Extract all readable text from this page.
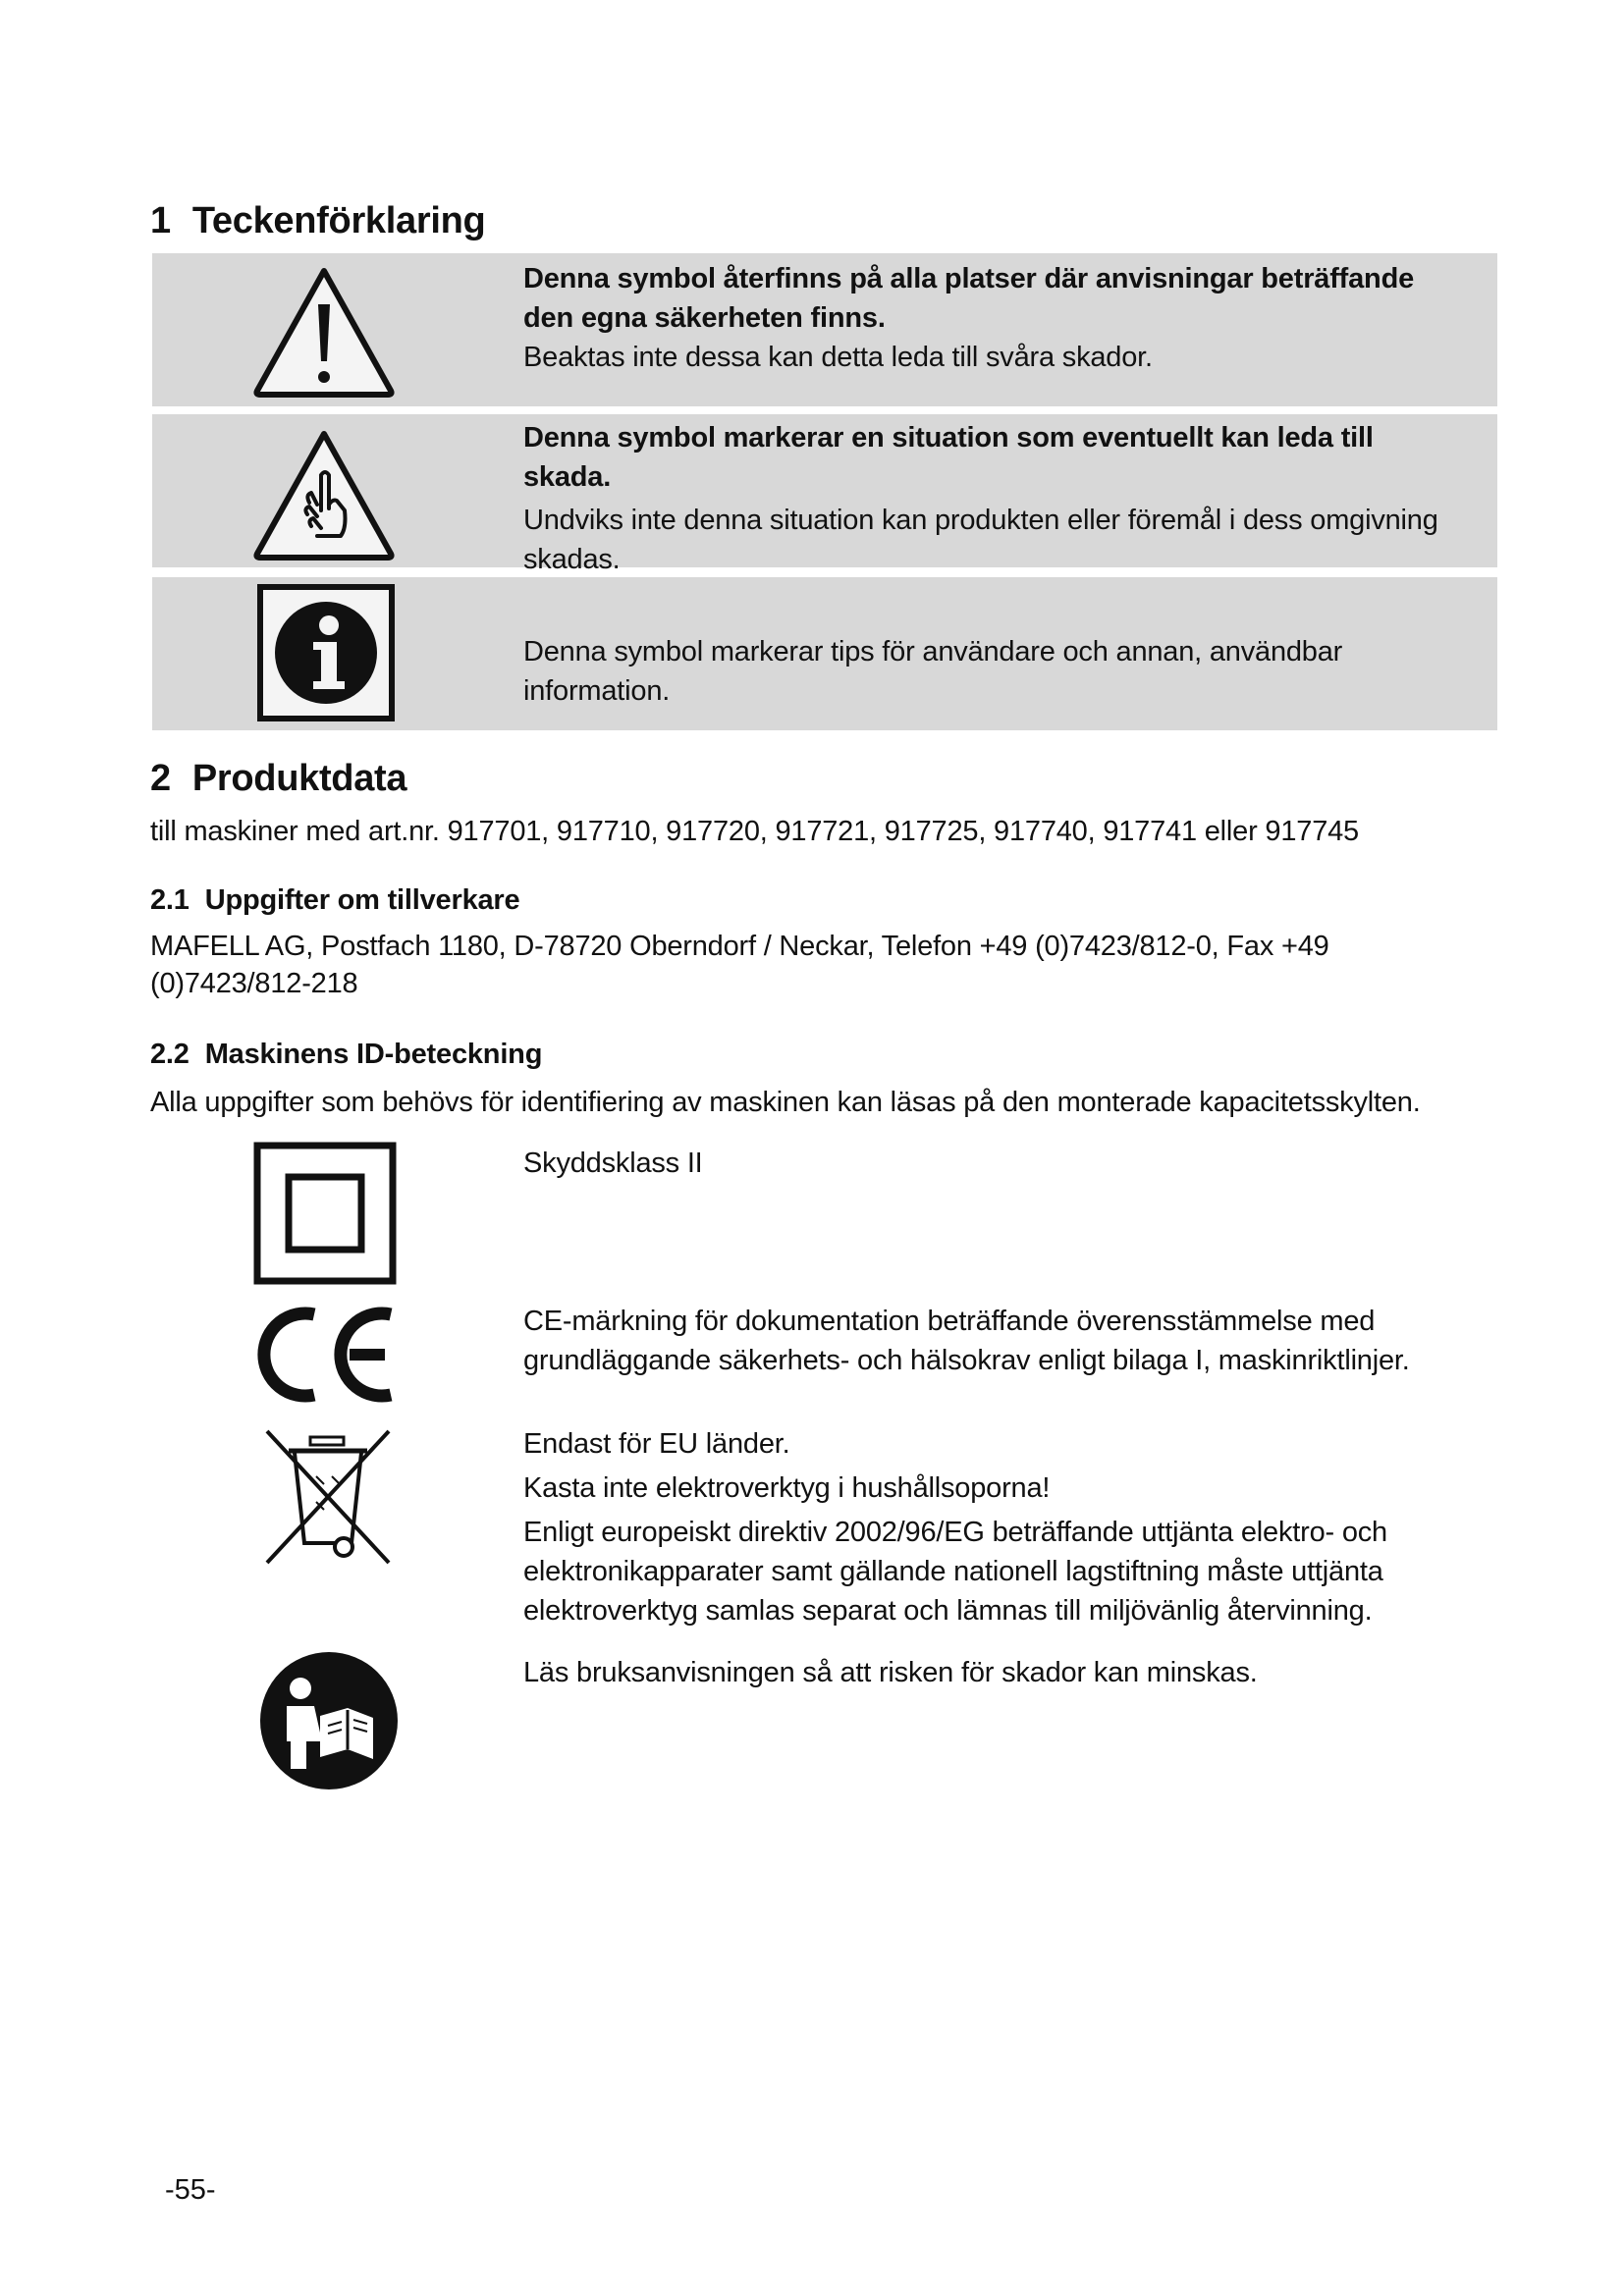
1 Teckenförklaring
Denna symbol återfinns på alla platser där anvisningar beträffande den egna säkerheten finns.
Beaktas inte dessa kan detta leda till svåra skador.
Denna symbol markerar en situation som eventuellt kan leda till skada.
Undviks inte denna situation kan produkten eller föremål i dess omgivning skadas.
Denna symbol markerar tips för användare och annan, användbar information.
2 Produktdata
till maskiner med art.nr. 917701, 917710, 917720, 917721, 917725, 917740, 917741 eller 917745
2.1 Uppgifter om tillverkare
MAFELL AG, Postfach 1180, D-78720 Oberndorf / Neckar, Telefon +49 (0)7423/812-0, Fax +49 (0)7423/812-218
2.2 Maskinens ID-beteckning
Alla uppgifter som behövs för identifiering av maskinen kan läsas på den monterade kapacitetsskylten.
Skyddsklass II
CE-märkning för dokumentation beträffande överensstämmelse med grundläggande säkerhets- och hälsokrav enligt bilaga I, maskinriktlinjer.
Endast för EU länder.
Kasta inte elektroverktyg i hushållsoporna!
Enligt europeiskt direktiv 2002/96/EG beträffande uttjänta elektro- och elektronikapparater samt gällande nationell lagstiftning måste uttjänta elektroverktyg samlas separat och lämnas till miljövänlig återvinning.
Läs bruksanvisningen så att risken för skador kan minskas.
-55-
